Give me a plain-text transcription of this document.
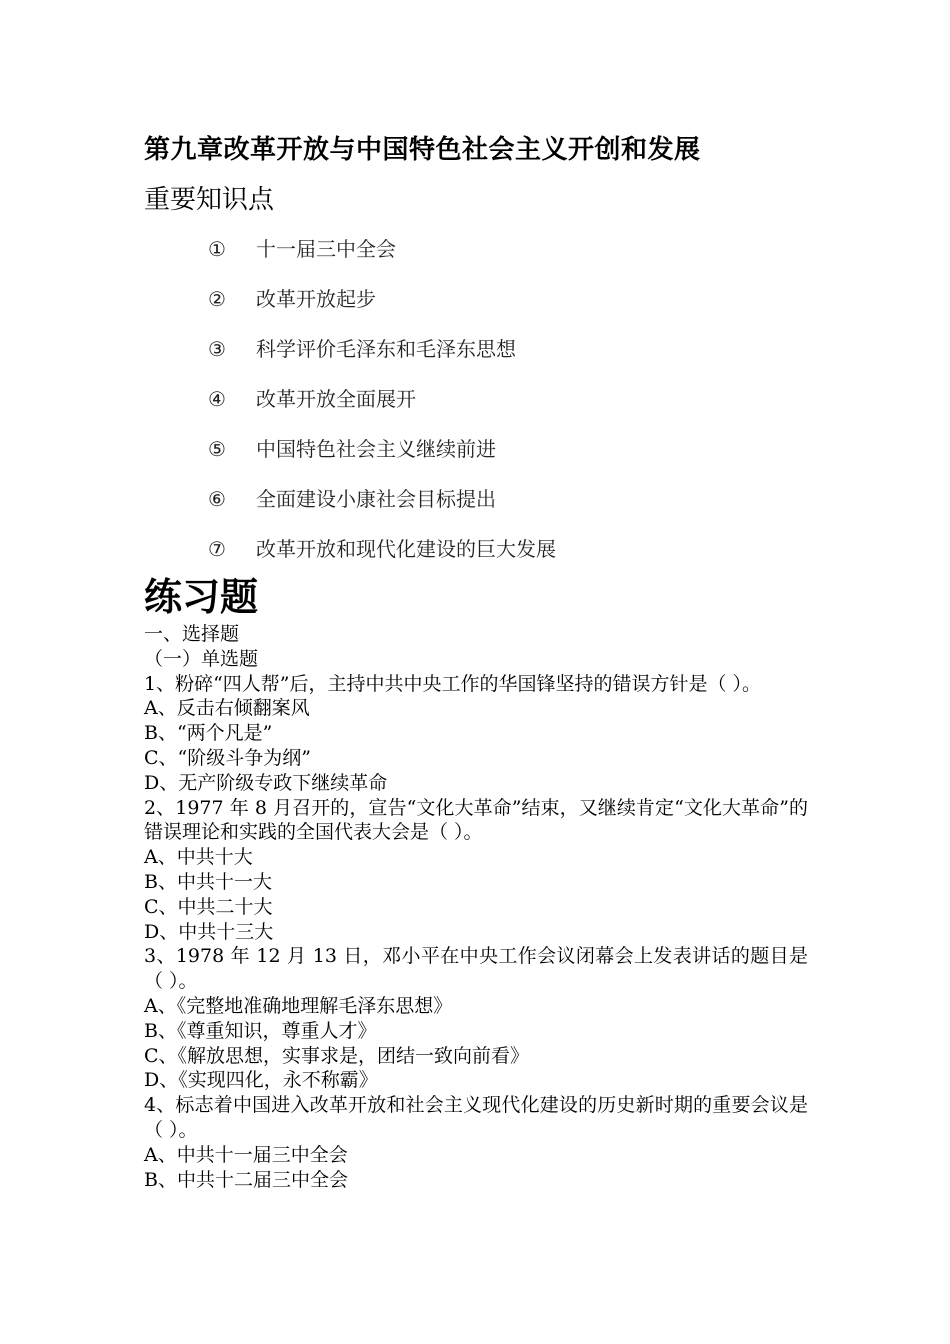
第九章改革开放与中国特色社会主义开创和发展
重要知识点
①	十一届三中全会
②	改革开放起步
③	科学评价毛泽东和毛泽东思想
④	改革开放全面展开
⑤	中国特色社会主义继续前进
⑥	全面建设小康社会目标提出
⑦	改革开放和现代化建设的巨大发展
练习题
一、选择题
（一）单选题
1、粉碎“四人帮”后，主持中共中央工作的华国锋坚持的错误方针是（ ）。
A、反击右倾翻案风
B、“两个凡是”
C、“阶级斗争为纲”
D、无产阶级专政下继续革命
2、1977 年 8 月召开的，宣告“文化大革命”结束，又继续肯定“文化大革命”的错误理论和实践的全国代表大会是（ ）。
A、中共十大
B、中共十一大
C、中共二十大
D、中共十三大
3、1978 年 12 月 13 日，邓小平在中央工作会议闭幕会上发表讲话的题目是（ ）。
A、《完整地准确地理解毛泽东思想》
B、《尊重知识，尊重人才》
C、《解放思想，实事求是，团结一致向前看》
D、《实现四化，永不称霸》
4、标志着中国进入改革开放和社会主义现代化建设的历史新时期的重要会议是（ ）。
A、中共十一届三中全会
B、中共十二届三中全会
